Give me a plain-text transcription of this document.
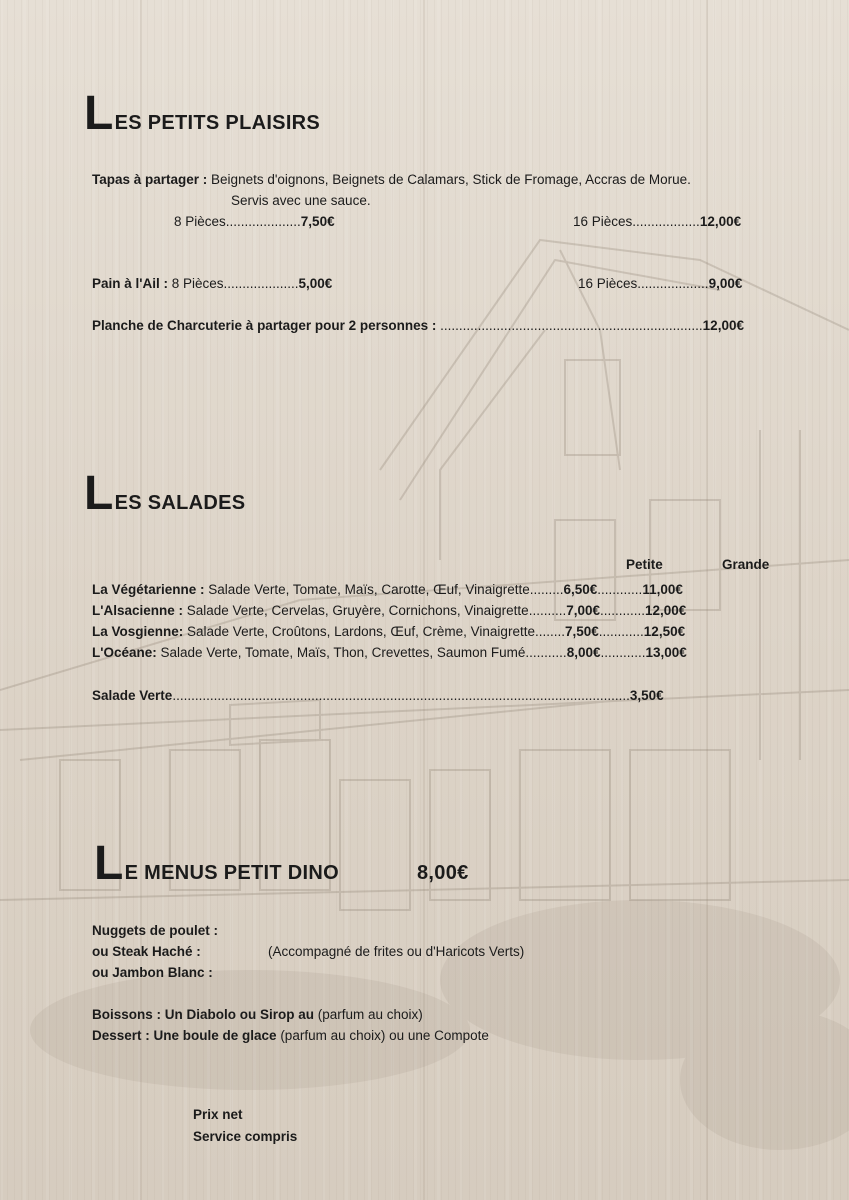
LES PETITS PLAISIRS
Tapas à partager : Beignets d'oignons, Beignets de Calamars, Stick de Fromage, Accras de Morue.
Servis avec une sauce.
8 Pièces....................7,50€	16 Pièces..................12,00€
Pain à l'Ail : 8 Pièces....................5,00€	16 Pièces...................9,00€
Planche de Charcuterie à partager pour 2 personnes : ......................................................................12,00€
LES SALADES
Petite	Grande
La Végétarienne : Salade Verte, Tomate, Maïs, Carotte, Œuf, Vinaigrette.........6,50€............11,00€
L'Alsacienne : Salade Verte, Cervelas, Gruyère, Cornichons, Vinaigrette..........7,00€............12,00€
La Vosgienne: Salade Verte, Croûtons, Lardons, Œuf, Crème, Vinaigrette........7,50€............12,50€
L'Océane: Salade Verte, Tomate, Maïs, Thon, Crevettes, Saumon Fumé...........8,00€............13,00€
Salade Verte..........................................................................................................................3,50€
LE MENUS PETIT DINO	8,00€
Nuggets de poulet :
ou Steak Haché :
ou Jambon Blanc :
(Accompagné de frites ou d'Haricots Verts)
Boissons : Un Diabolo ou Sirop au (parfum au choix)
Dessert : Une boule de glace (parfum au choix) ou une Compote
Prix net
Service compris
